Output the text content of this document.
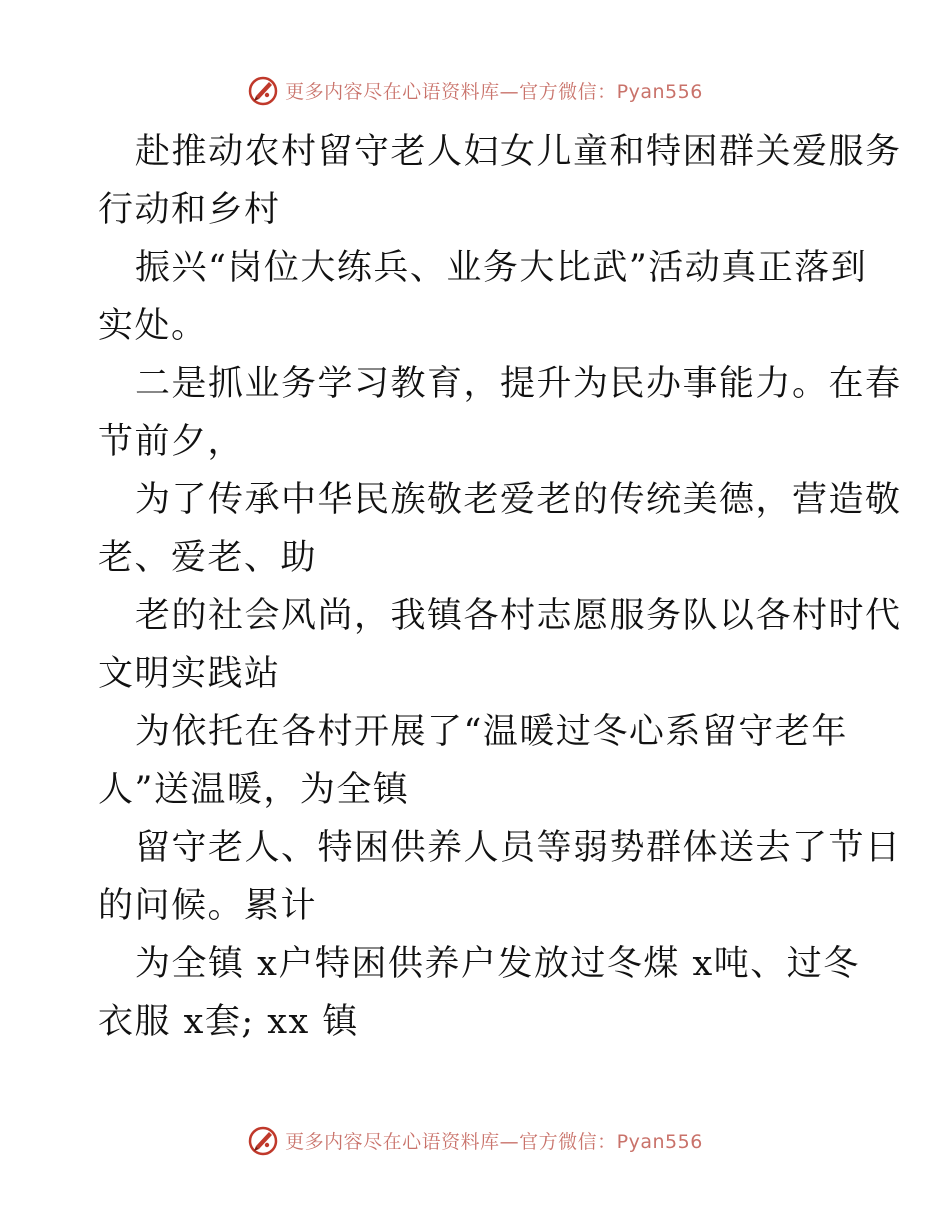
更多内容尽在心语资料库—官方微信：Pyan556
赴推动农村留守老人妇女儿童和特困群关爱服务
行动和乡村
振兴“岗位大练兵、业务大比武”活动真正落到
实处。
二是抓业务学习教育，提升为民办事能力。在春
节前夕，
为了传承中华民族敬老爱老的传统美德，营造敬
老、爱老、助
老的社会风尚，我镇各村志愿服务队以各村时代
文明实践站
为依托在各村开展了“温暖过冬心系留守老年
人”送温暖，为全镇
留守老人、特困供养人员等弱势群体送去了节日
的问候。累计
为全镇 x户特困供养户发放过冬煤 x吨、过冬
衣服 x套; xx 镇
更多内容尽在心语资料库—官方微信：Pyan556
